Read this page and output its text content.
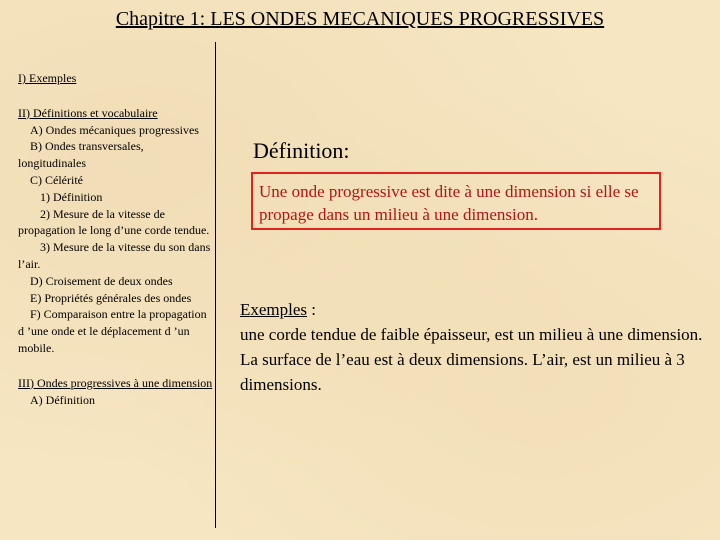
Chapitre 1: LES ONDES MECANIQUES PROGRESSIVES
I) Exemples
II) Définitions et vocabulaire
A) Ondes mécaniques progressives
B) Ondes transversales, longitudinales
C) Célérité
1) Définition
2) Mesure de la vitesse de propagation le long d’une corde tendue.
3) Mesure de la vitesse du son dans l’air.
D) Croisement de deux ondes
E) Propriétés générales des ondes
F) Comparaison entre la propagation d ’une onde et le déplacement d ’un mobile.
III) Ondes progressives à une dimension
A) Définition
Définition:
Une onde progressive est dite à une dimension si elle se propage dans un milieu à une dimension.
Exemples :
une corde tendue de faible épaisseur, est un milieu à une dimension. La surface de l’eau est à deux dimensions. L’air, est un milieu à 3 dimensions.
